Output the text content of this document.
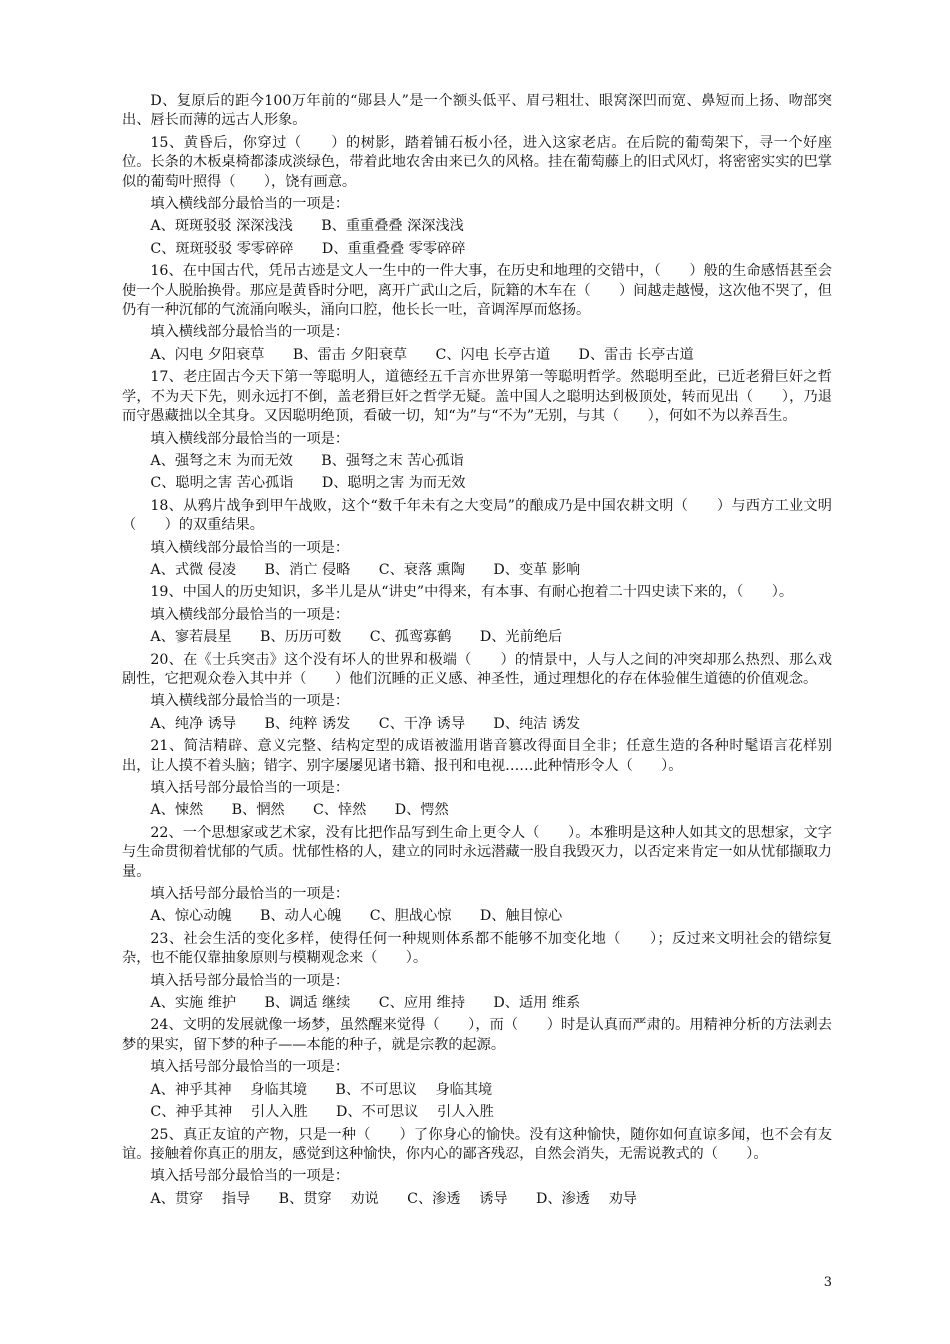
D、复原后的距今100万年前的“郧县人”是一个额头低平、眉弓粗壮、眼窝深凹而宽、鼻短而上扬、吻部突出、唇长而薄的远古人形象。

15、黄昏后，你穿过（　　）的树影，踏着铺石板小径，进入这家老店。在后院的葡萄架下，寻一个好座位。长条的木板桌椅都漆成淡绿色，带着此地农舍由来已久的风格。挂在葡萄藤上的旧式风灯，将密密实实的巴掌似的葡萄叶照得（　　），饶有画意。

填入横线部分最恰当的一项是：

A、斑斑驳驳 深深浅浅　　B、重重叠叠 深深浅浅

C、斑斑驳驳 零零碎碎　　D、重重叠叠 零零碎碎

16、在中国古代，凭吊古迹是文人一生中的一件大事，在历史和地理的交错中，（　　）般的生命感悟甚至会使一个人脱胎换骨。那应是黄昏时分吧，离开广武山之后，阮籍的木车在（　　）间越走越慢，这次他不哭了，但仍有一种沉郁的气流涌向喉头，涌向口腔，他长长一吐，音调浑厚而悠扬。

填入横线部分最恰当的一项是：

A、闪电 夕阳衰草　　B、雷击 夕阳衰草　　C、闪电 长亭古道　　D、雷击 长亭古道

17、老庄固古今天下第一等聪明人，道德经五千言亦世界第一等聪明哲学。然聪明至此，已近老猾巨奸之哲学，不为天下先，则永远打不倒，盖老猾巨奸之哲学无疑。盖中国人之聪明达到极顶处，转而见出（　　），乃退而守愚藏拙以全其身。又因聪明绝顶，看破一切，知“为”与“不为”无别，与其（　　），何如不为以养吾生。

填入横线部分最恰当的一项是：

A、强弩之末 为而无效　　B、强弩之末 苦心孤诣

C、聪明之害 苦心孤诣　　D、聪明之害 为而无效

18、从鸦片战争到甲午战败，这个“数千年未有之大变局”的酿成乃是中国农耕文明（　　）与西方工业文明（　　）的双重结果。

填入横线部分最恰当的一项是：

A、式微 侵凌　　B、消亡 侵略　　C、衰落 熏陶　　D、变革 影响

19、中国人的历史知识，多半儿是从“讲史”中得来，有本事、有耐心抱着二十四史读下来的，（　　）。

填入横线部分最恰当的一项是：

A、寥若晨星　　B、历历可数　　C、孤鸾寡鹤　　D、光前绝后

20、在《士兵突击》这个没有坏人的世界和极端（　　）的情景中，人与人之间的冲突却那么热烈、那么戏剧性，它把观众卷入其中并（　　）他们沉睡的正义感、神圣性，通过理想化的存在体验催生道德的价值观念。

填入横线部分最恰当的一项是：

A、纯净 诱导　　B、纯粹 诱发　　C、干净 诱导　　D、纯洁 诱发

21、简洁精辟、意义完整、结构定型的成语被滥用谐音篡改得面目全非；任意生造的各种时髦语言花样别出，让人摸不着头脑；错字、别字屡屡见诸书籍、报刊和电视……此种情形令人（　　）。

填入括号部分最恰当的一项是：

A、悚然　　B、惘然　　C、悻然　　D、愕然

22、一个思想家或艺术家，没有比把作品写到生命上更令人（　　）。本雅明是这种人如其文的思想家，文字与生命贯彻着忧郁的气质。忧郁性格的人，建立的同时永远潜藏一股自我毁灭力，以否定来肯定一如从忧郁撷取力量。

填入括号部分最恰当的一项是：

A、惊心动魄　　B、动人心魄　　C、胆战心惊　　D、触目惊心

23、社会生活的变化多样，使得任何一种规则体系都不能够不加变化地（　　）；反过来文明社会的错综复杂，也不能仅靠抽象原则与模糊观念来（　　）。

填入括号部分最恰当的一项是：

A、实施 维护　　B、调适 继续　　C、应用 维持　　D、适用 维系

24、文明的发展就像一场梦，虽然醒来觉得（　　），而（　　）时是认真而严肃的。用精神分析的方法剥去梦的果实，留下梦的种子——本能的种子，就是宗教的起源。

填入括号部分最恰当的一项是：

A、神乎其神　 身临其境　　B、不可思议　 身临其境

C、神乎其神　 引人入胜　　D、不可思议　 引人入胜

25、真正友谊的产物，只是一种（　　）了你身心的愉快。没有这种愉快，随你如何直谅多闻，也不会有友谊。接触着你真正的朋友，感觉到这种愉快，你内心的鄙吝残忍，自然会消失，无需说教式的（　　）。

填入括号部分最恰当的一项是：

A、贯穿　 指导　　B、贯穿　 劝说　　C、渗透　 诱导　　D、渗透　 劝导

3
